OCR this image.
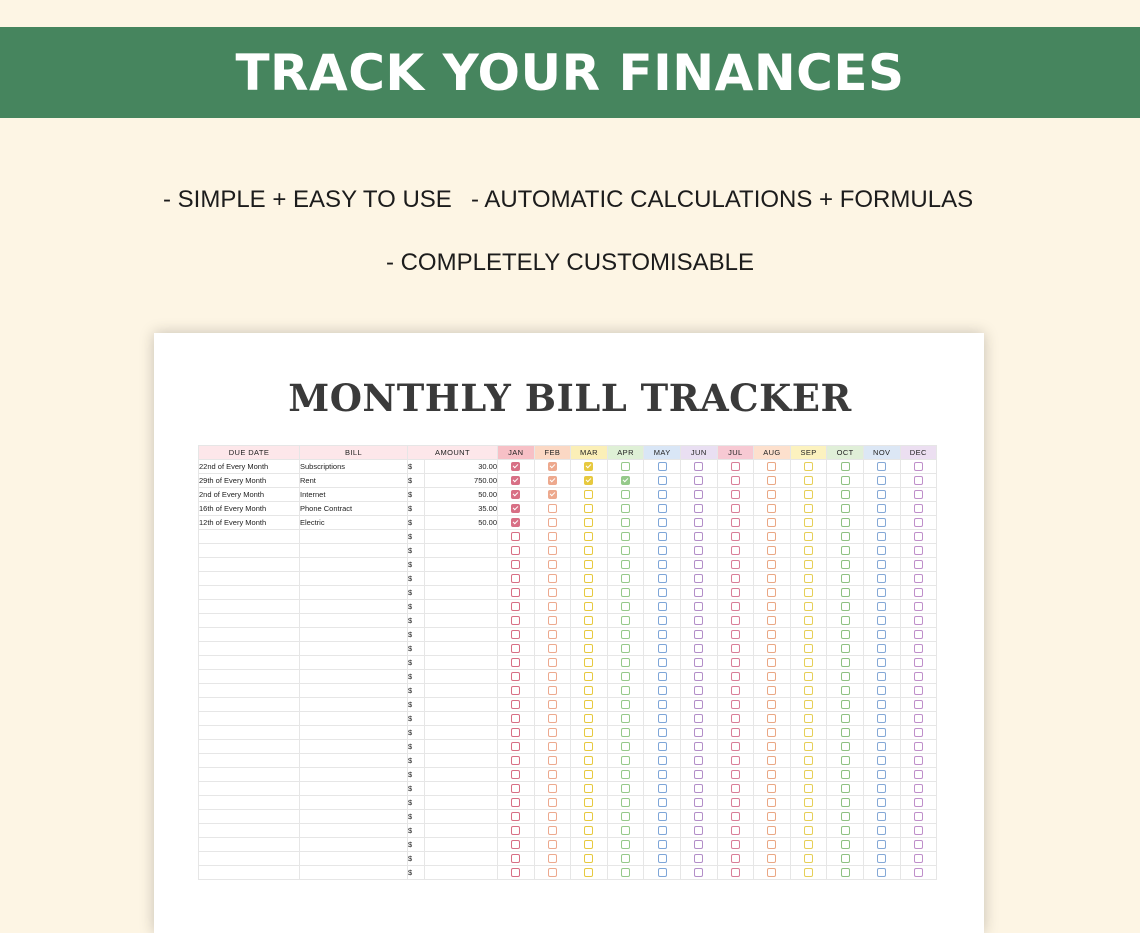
TRACK YOUR FINANCES
- SIMPLE + EASY TO USE - AUTOMATIC CALCULATIONS + FORMULAS
- COMPLETELY CUSTOMISABLE
MONTHLY BILL TRACKER
DUE DATE	BILL	AMOUNT		JAN	FEB	MAR	APR	MAY	JUN	JUL	AUG	SEP	OCT	NOV	DEC
22nd of Every Month	Subscriptions	$	30.00												
29th of Every Month	Rent	$	750.00												
2nd of Every Month	Internet	$	50.00												
16th of Every Month	Phone Contract	$	35.00												
12th of Every Month	Electric	$	50.00												
		$													
		$													
		$													
		$													
		$													
		$													
		$													
		$													
		$													
		$													
		$													
		$													
		$													
		$													
		$													
		$													
		$													
		$													
		$													
		$													
		$													
		$													
		$													
		$													
		$													
